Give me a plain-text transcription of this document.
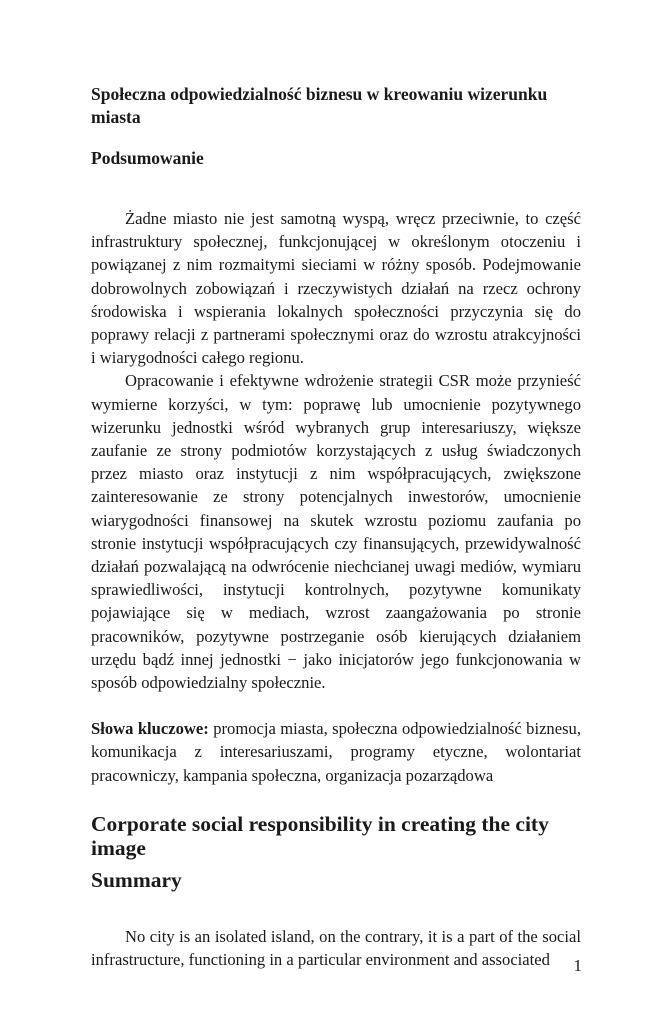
Społeczna odpowiedzialność biznesu w kreowaniu wizerunku miasta
Podsumowanie

Żadne miasto nie jest samotną wyspą, wręcz przeciwnie, to część infrastruktury społecznej, funkcjonującej w określonym otoczeniu i powiązanej z nim rozmaitymi sieciami w różny sposób. Podejmowanie dobrowolnych zobowiązań i rzeczywistych działań na rzecz ochrony środowiska i wspierania lokalnych społeczności przyczynia się do poprawy relacji z partnerami społecznymi oraz do wzrostu atrakcyjności i wiarygodności całego regionu.

Opracowanie i efektywne wdrożenie strategii CSR może przynieść wymierne korzyści, w tym: poprawę lub umocnienie pozytywnego wizerunku jednostki wśród wybranych grup interesariuszy, większe zaufanie ze strony podmiotów korzystających z usług świadczonych przez miasto oraz instytucji z nim współpracujących, zwiększone zainteresowanie ze strony potencjalnych inwestorów, umocnienie wiarygodności finansowej na skutek wzrostu poziomu zaufania po stronie instytucji współpracujących czy finansujących, przewidywalność działań pozwalającą na odwrócenie niechcianej uwagi mediów, wymiaru sprawiedliwości, instytucji kontrolnych, pozytywne komunikaty pojawiające się w mediach, wzrost zaangażowania po stronie pracowników, pozytywne postrzeganie osób kierujących działaniem urzędu bądź innej jednostki − jako inicjatorów jego funkcjonowania w sposób odpowiedzialny społecznie.

Słowa kluczowe: promocja miasta, społeczna odpowiedzialność biznesu, komunikacja z interesariuszami, programy etyczne, wolontariat pracowniczy, kampania społeczna, organizacja pozarządowa

Corporate social responsibility in creating the city image
Summary

No city is an isolated island, on the contrary, it is a part of the social infrastructure, functioning in a particular environment and associated	1
